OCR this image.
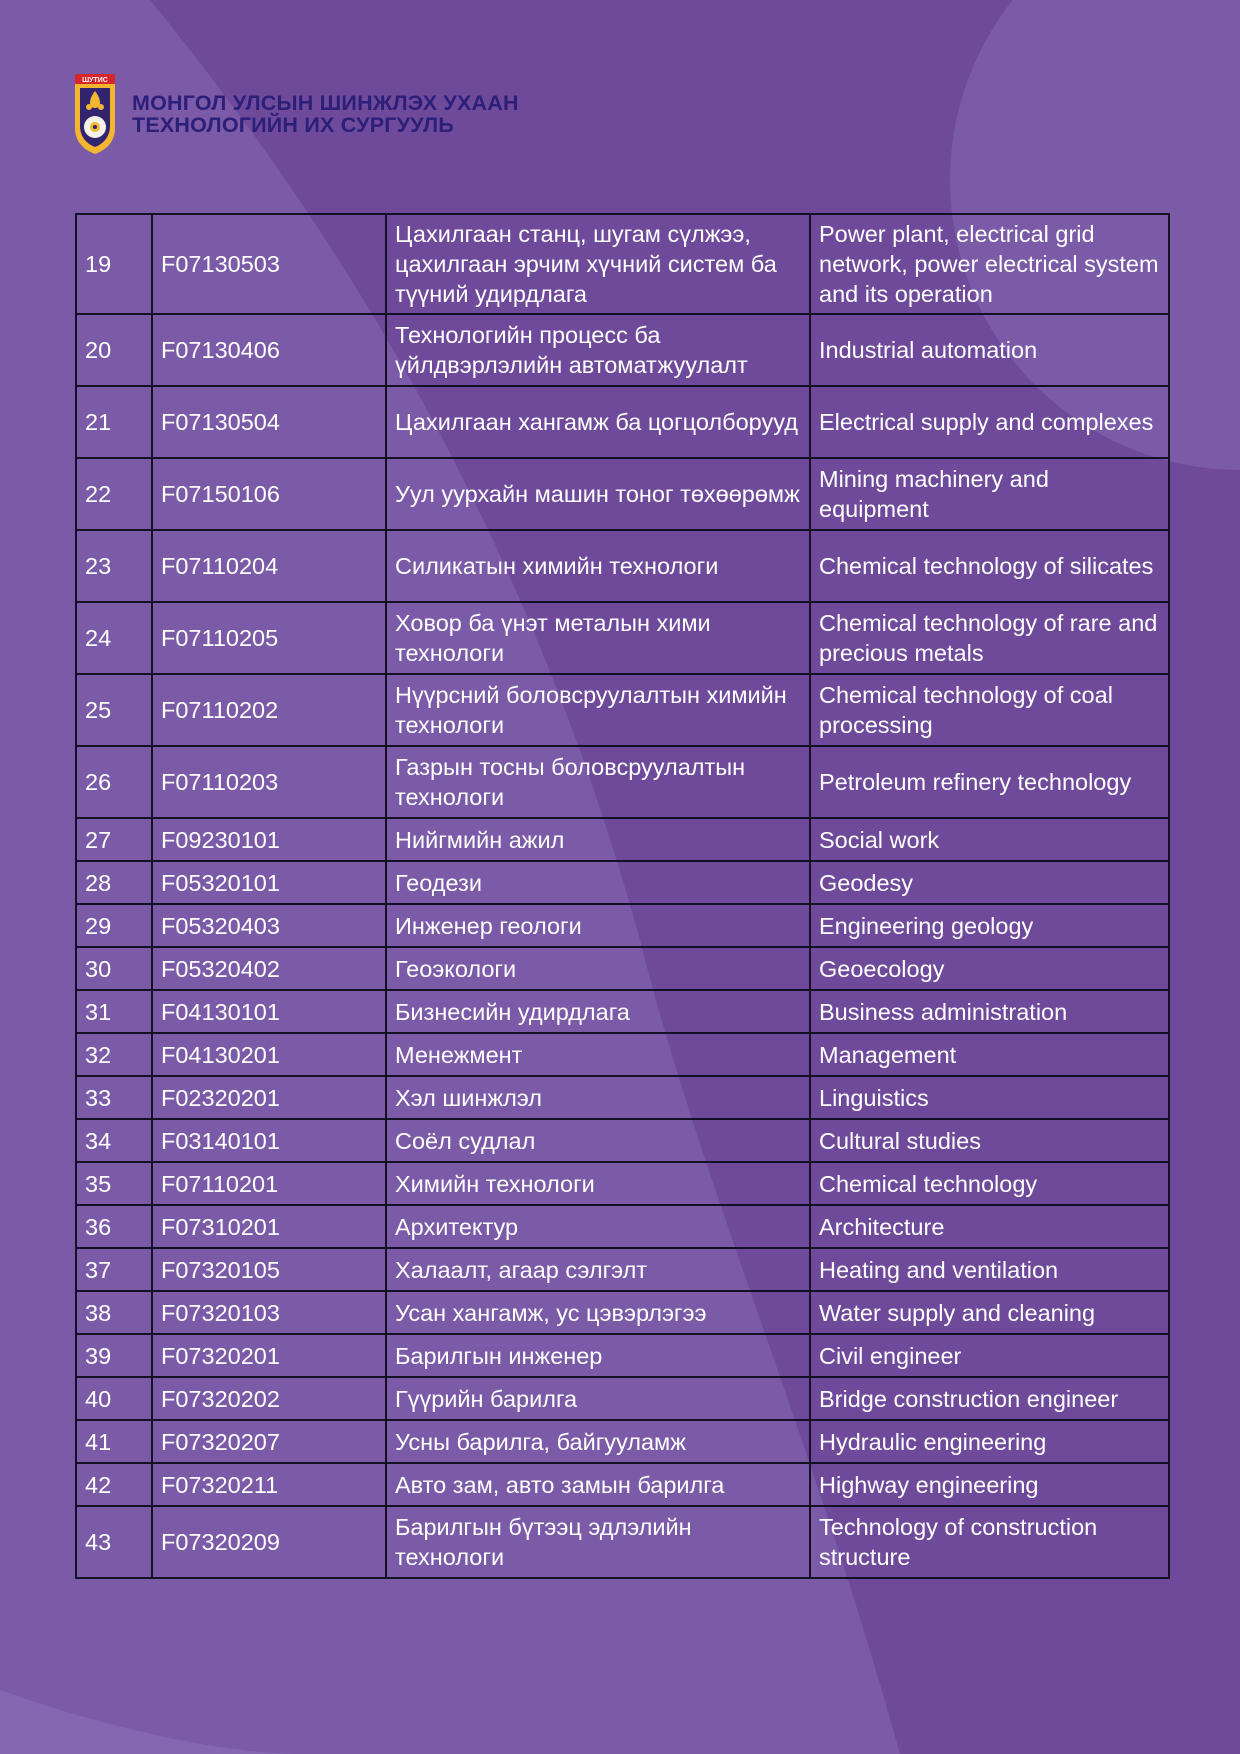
ШУТИС
МОНГОЛ УЛСЫН ШИНЖЛЭХ УХААН
ТЕХНОЛОГИЙН ИХ СУРГУУЛЬ
19	F07130503	Цахилгаан станц, шугам сүлжээ, цахилгаан эрчим хүчний систем ба түүний удирдлага	Power plant, electrical grid network, power electrical system and its operation
20	F07130406	Технологийн процесс ба үйлдвэрлэлийн автоматжуулалт	Industrial automation
21	F07130504	Цахилгаан хангамж ба цогцолборууд	Electrical supply and complexes
22	F07150106	Уул уурхайн машин тоног төхөөрөмж	Mining machinery and equipment
23	F07110204	Силикатын химийн технологи	Chemical technology of silicates
24	F07110205	Ховор ба үнэт металын хими технологи	Chemical technology of rare and precious metals
25	F07110202	Нүүрсний боловсруулалтын химийн технологи	Chemical technology of coal processing
26	F07110203	Газрын тосны боловсруулалтын технологи	Petroleum refinery technology
27	F09230101	Нийгмийн ажил	Social work
28	F05320101	Геодези	Geodesy
29	F05320403	Инженер геологи	Engineering geology
30	F05320402	Геоэкологи	Geoecology
31	F04130101	Бизнесийн удирдлага	Business administration
32	F04130201	Менежмент	Management
33	F02320201	Хэл шинжлэл	Linguistics
34	F03140101	Соёл судлал	Cultural studies
35	F07110201	Химийн технологи	Chemical technology
36	F07310201	Архитектур	Architecture
37	F07320105	Халаалт, агаар сэлгэлт	Heating and ventilation
38	F07320103	Усан хангамж, ус цэвэрлэгээ	Water supply and cleaning
39	F07320201	Барилгын инженер	Civil engineer
40	F07320202	Гүүрийн барилга	Bridge construction engineer
41	F07320207	Усны барилга, байгууламж	Hydraulic engineering
42	F07320211	Авто зам, авто замын барилга	Highway engineering
43	F07320209	Барилгын бүтээц эдлэлийн технологи	Technology of construction structure
